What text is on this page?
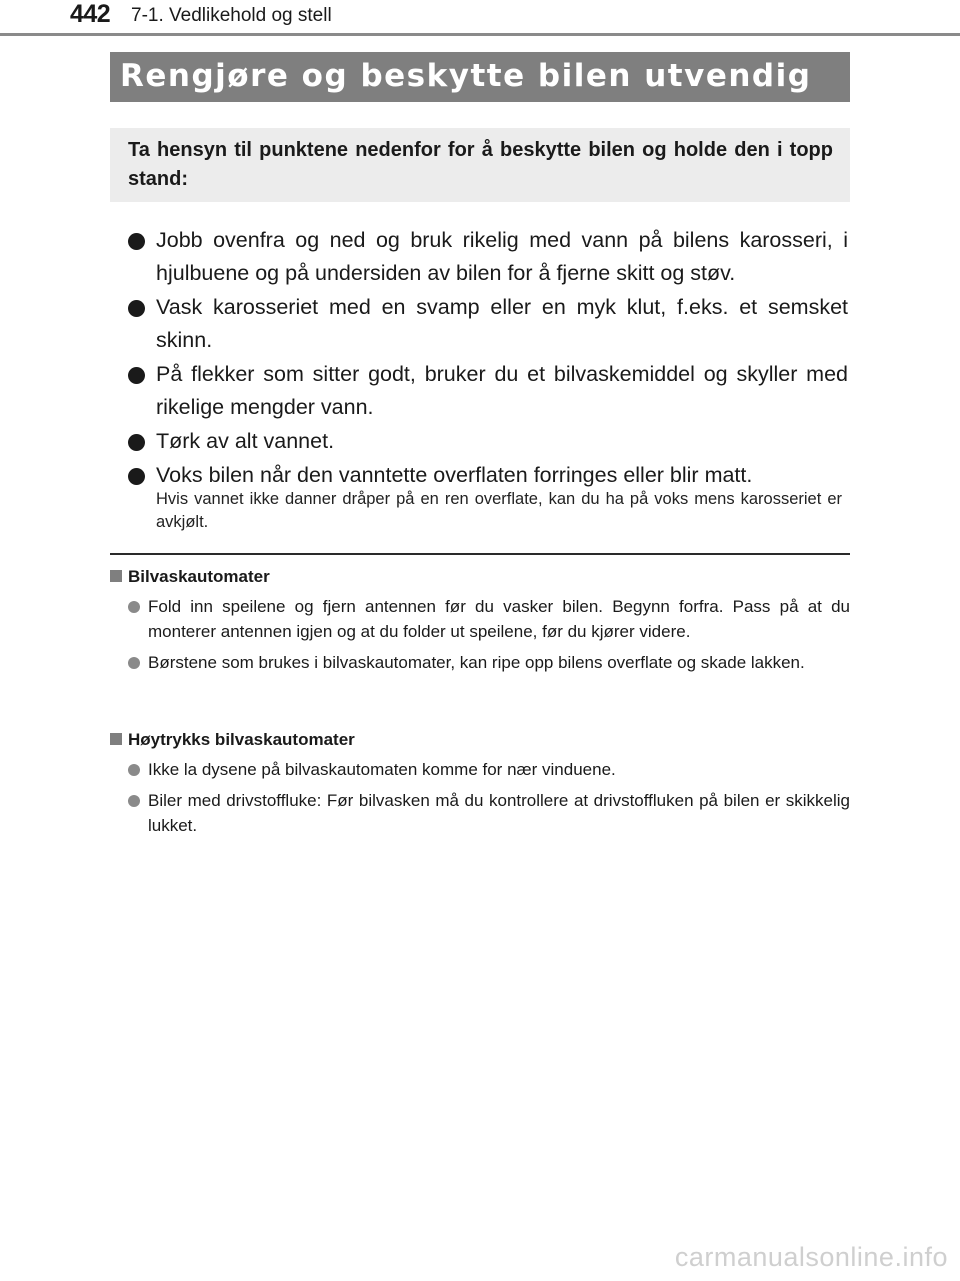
442 7-1. Vedlikehold og stell
Rengjøre og beskytte bilen utvendig

Ta hensyn til punktene nedenfor for å beskytte bilen og holde den i topp stand:

Jobb ovenfra og ned og bruk rikelig med vann på bilens karosseri, i hjulbuene og på undersiden av bilen for å fjerne skitt og støv.
Vask karosseriet med en svamp eller en myk klut, f.eks. et semsket skinn.
På flekker som sitter godt, bruker du et bilvaskemiddel og skyller med rikelige mengder vann.
Tørk av alt vannet.
Voks bilen når den vanntette overflaten forringes eller blir matt.

Hvis vannet ikke danner dråper på en ren overflate, kan du ha på voks mens karosseriet er avkjølt.

Bilvaskautomater
Fold inn speilene og fjern antennen før du vasker bilen. Begynn forfra. Pass på at du monterer antennen igjen og at du folder ut speilene, før du kjører videre.
Børstene som brukes i bilvaskautomater, kan ripe opp bilens overflate og skade lakken.
Høytrykks bilvaskautomater
Ikke la dysene på bilvaskautomaten komme for nær vinduene.
Biler med drivstoffluke: Før bilvasken må du kontrollere at drivstoffluken på bilen er skikkelig lukket.
carmanualsonline.info
